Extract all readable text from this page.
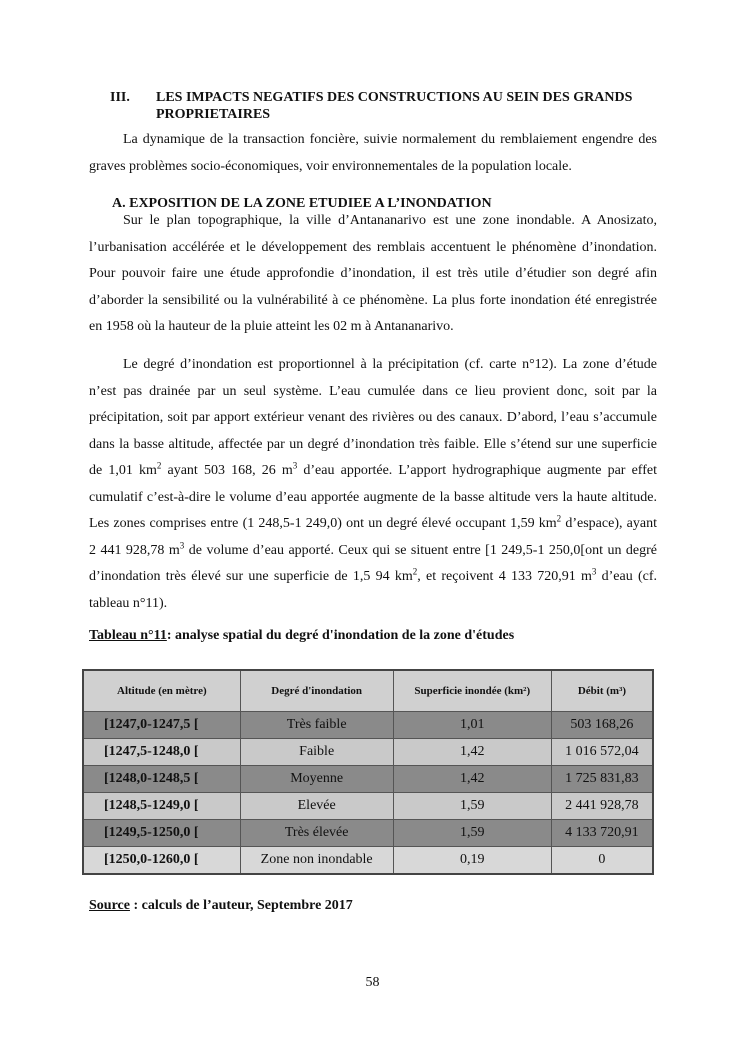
III.	LES IMPACTS NEGATIFS DES CONSTRUCTIONS AU SEIN DES GRANDS PROPRIETAIRES

La dynamique de la transaction foncière, suivie normalement du remblaiement engendre des graves problèmes socio-économiques, voir environnementales de la population locale.

A. EXPOSITION DE LA ZONE ETUDIEE A L’INONDATION

Sur le plan topographique, la ville d’Antananarivo est une zone inondable. A Anosizato, l’urbanisation accélérée et le développement des remblais accentuent le phénomène d’inondation. Pour pouvoir faire une étude approfondie d’inondation, il est très utile d’étudier son degré afin d’aborder la sensibilité ou la vulnérabilité à ce phénomène. La plus forte inondation été enregistrée en 1958 où la hauteur de la pluie atteint les 02 m à Antananarivo.

Le degré d’inondation est proportionnel à la précipitation (cf. carte n°12). La zone d’étude n’est pas drainée par un seul système. L’eau cumulée dans ce lieu provient donc, soit par la précipitation, soit par apport extérieur venant des rivières ou des canaux. D’abord, l’eau s’accumule dans la basse altitude, affectée par un degré d’inondation très faible. Elle s’étend sur une superficie de 1,01 $km^2$ ayant 503 168, 26 $m^3$ d’eau apportée. L’apport hydrographique augmente par effet cumulatif c’est-à-dire le volume d’eau apportée augmente de la basse altitude vers la haute altitude. Les zones comprises entre (1 248,5-1 249,0) ont un degré élevé occupant 1,59 $km^2$ d’espace), ayant 2 441 928,78 $m^3$ de volume d’eau apporté. Ceux qui se situent entre [1 249,5-1 250,0[ont un degré d’inondation très élevé sur une superficie de 1,5 94 $km^2$, et reçoivent 4 133 720,91 $m^3$ d’eau (cf. tableau n°11).

Tableau n°11: analyse spatial du degré d'inondation de la zone d'études
Altitude (en mètre)	Degré d'inondation	Superficie inondée (km²)	Débit (m³)
[1247,0-1247,5 [	Très faible	1,01	503 168,26
[1247,5-1248,0 [	Faible	1,42	1 016 572,04
[1248,0-1248,5 [	Moyenne	1,42	1 725 831,83
[1248,5-1249,0 [	Elevée	1,59	2 441 928,78
[1249,5-1250,0 [	Très élevée	1,59	4 133 720,91
[1250,0-1260,0 [	Zone non inondable	0,19	0
Source : calculs de l’auteur, Septembre 2017
58
